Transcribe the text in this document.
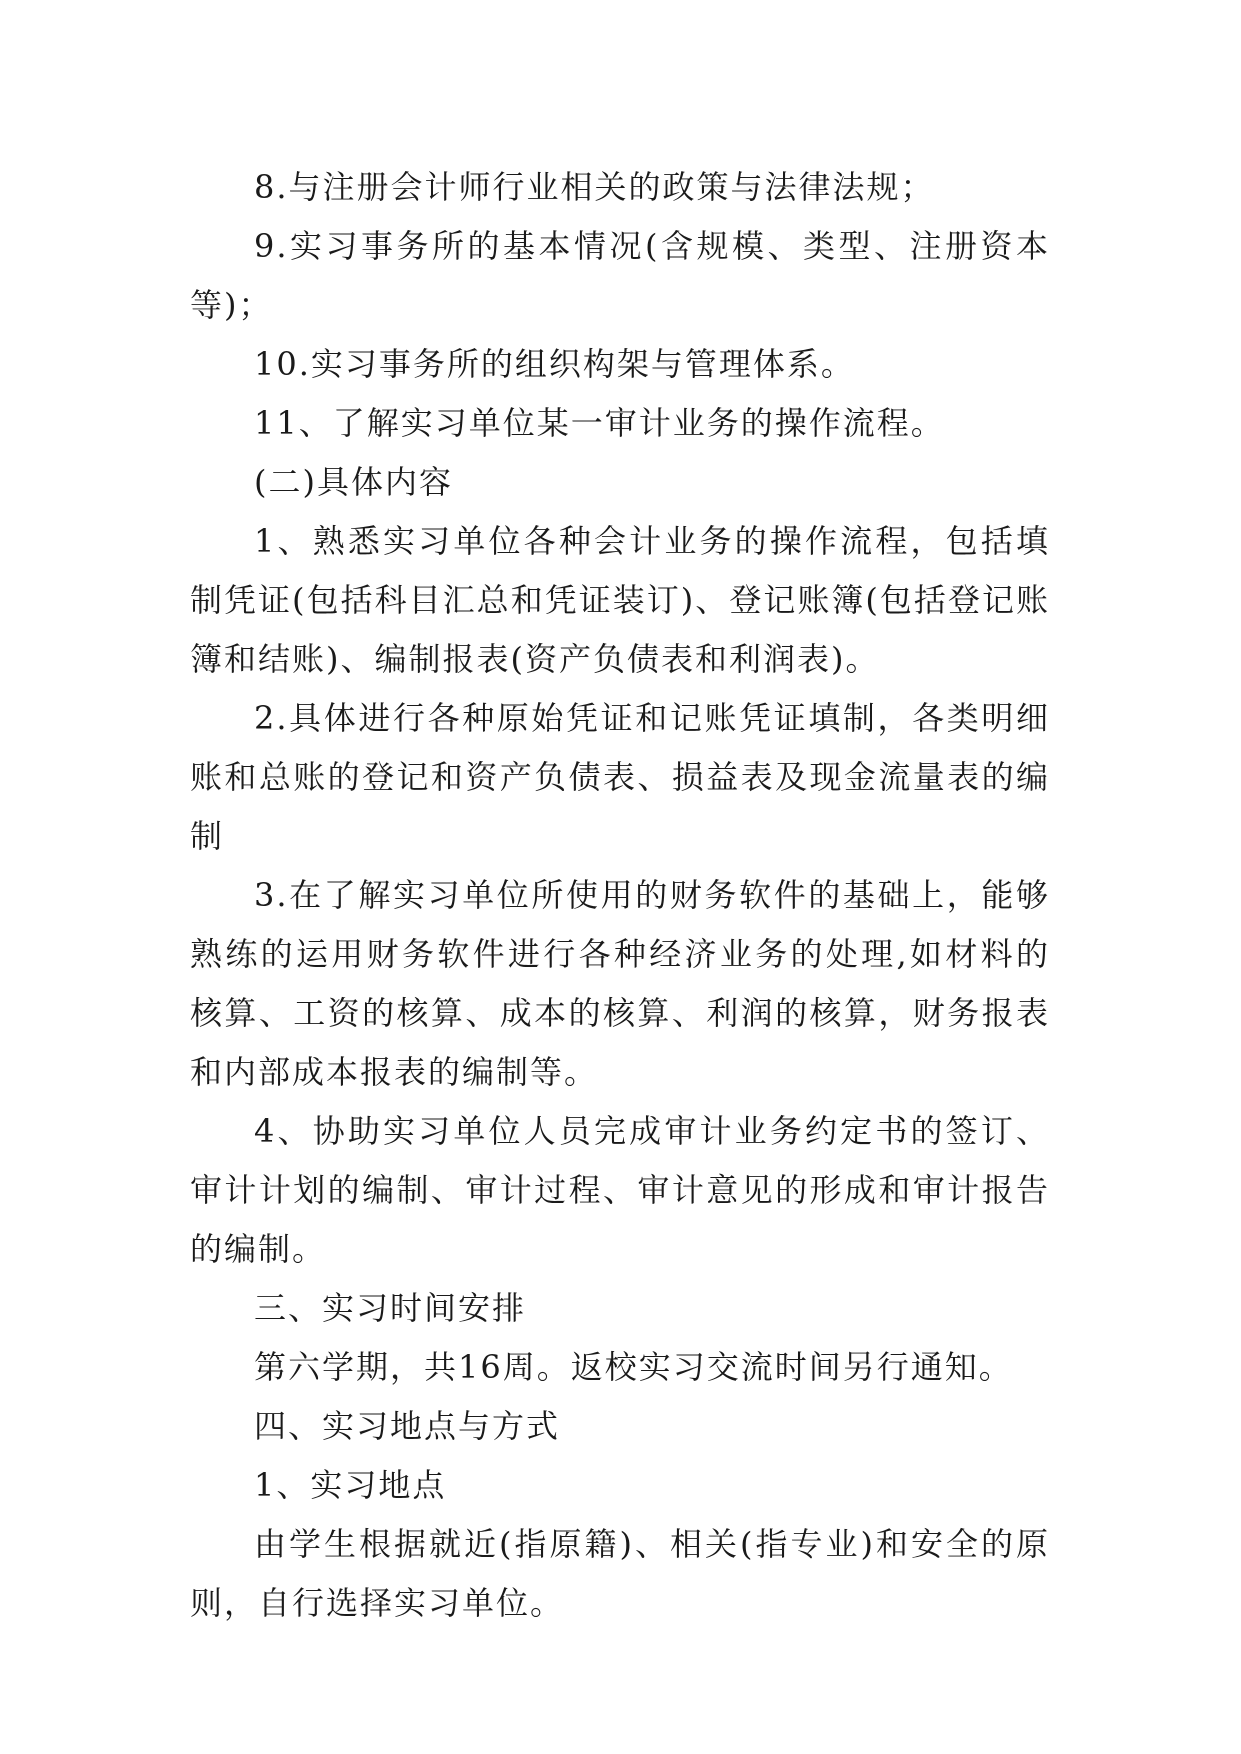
8.与注册会计师行业相关的政策与法律法规；

9.实习事务所的基本情况(含规模、类型、注册资本等)；

10.实习事务所的组织构架与管理体系。

11、了解实习单位某一审计业务的操作流程。

(二)具体内容

1、熟悉实习单位各种会计业务的操作流程，包括填制凭证(包括科目汇总和凭证装订)、登记账簿(包括登记账簿和结账)、编制报表(资产负债表和利润表)。

2.具体进行各种原始凭证和记账凭证填制，各类明细账和总账的登记和资产负债表、损益表及现金流量表的编制

3.在了解实习单位所使用的财务软件的基础上，能够熟练的运用财务软件进行各种经济业务的处理,如材料的核算、工资的核算、成本的核算、利润的核算，财务报表和内部成本报表的编制等。

4、协助实习单位人员完成审计业务约定书的签订、审计计划的编制、审计过程、审计意见的形成和审计报告的编制。

三、实习时间安排

第六学期，共16周。返校实习交流时间另行通知。

四、实习地点与方式

1、实习地点

由学生根据就近(指原籍)、相关(指专业)和安全的原则，自行选择实习单位。
